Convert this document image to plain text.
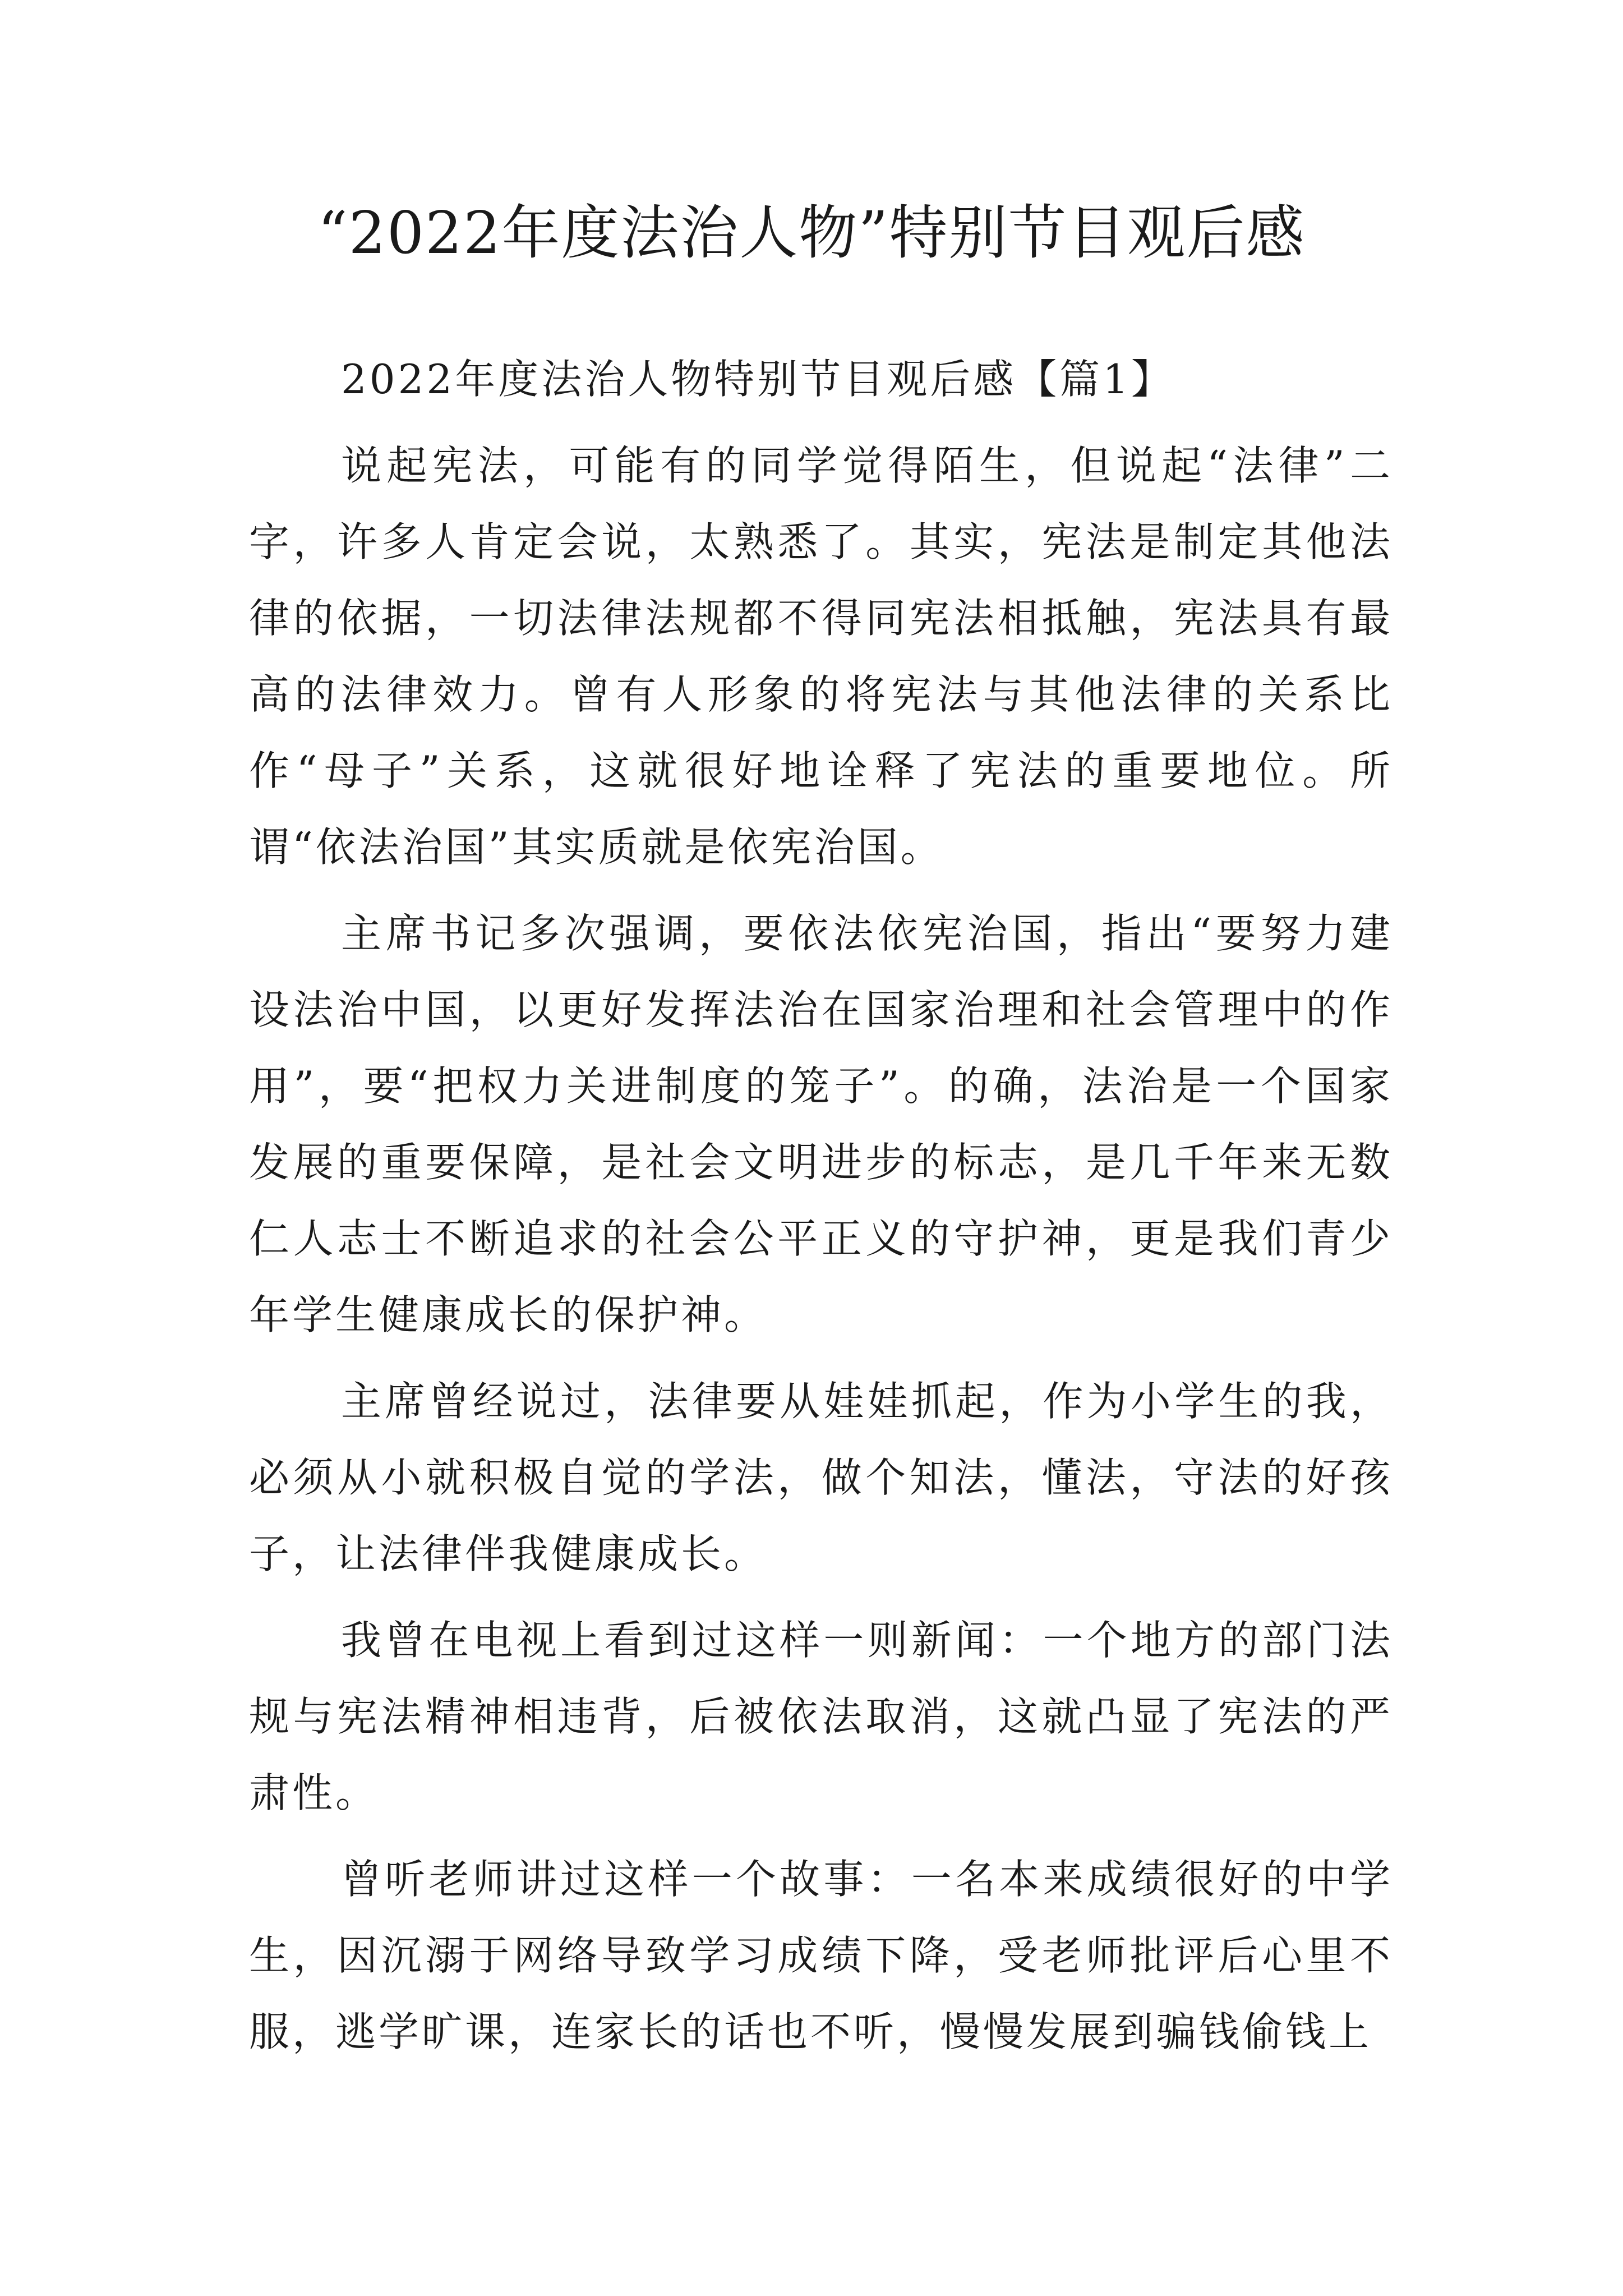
“2022年度法治人物”特别节目观后感

2022年度法治人物特别节目观后感【篇1】

说起宪法，可能有的同学觉得陌生，但说起“法律”二字，许多人肯定会说，太熟悉了。其实，宪法是制定其他法律的依据，一切法律法规都不得同宪法相抵触，宪法具有最高的法律效力。曾有人形象的将宪法与其他法律的关系比作“母子”关系，这就很好地诠释了宪法的重要地位。所谓“依法治国”其实质就是依宪治国。

主席书记多次强调，要依法依宪治国，指出“要努力建设法治中国，以更好发挥法治在国家治理和社会管理中的作用”，要“把权力关进制度的笼子”。的确，法治是一个国家发展的重要保障，是社会文明进步的标志，是几千年来无数仁人志士不断追求的社会公平正义的守护神，更是我们青少年学生健康成长的保护神。

主席曾经说过，法律要从娃娃抓起，作为小学生的我，必须从小就积极自觉的学法，做个知法，懂法，守法的好孩子，让法律伴我健康成长。

我曾在电视上看到过这样一则新闻：一个地方的部门法规与宪法精神相违背，后被依法取消，这就凸显了宪法的严肃性。

曾听老师讲过这样一个故事：一名本来成绩很好的中学生，因沉溺于网络导致学习成绩下降，受老师批评后心里不服，逃学旷课，连家长的话也不听，慢慢发展到骗钱偷钱上
